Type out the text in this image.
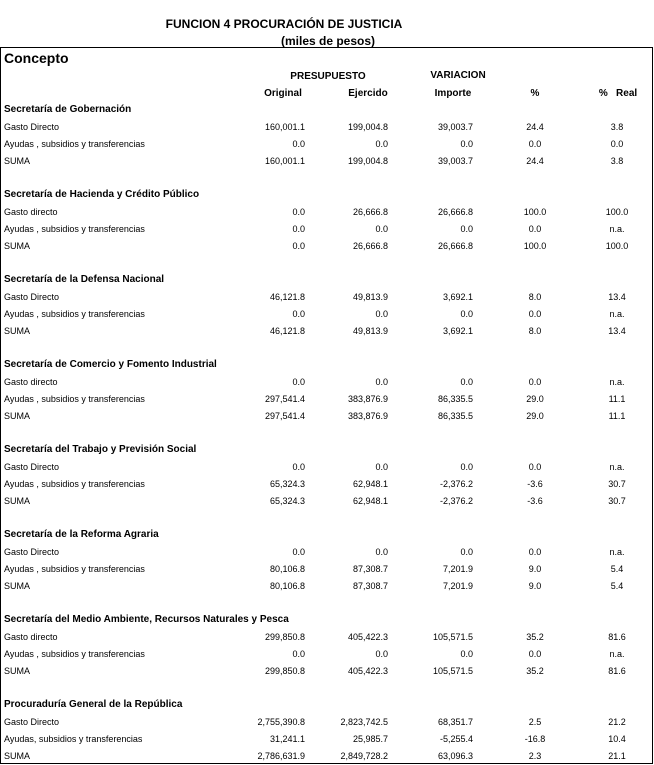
FUNCION 4 PROCURACIÓN DE JUSTICIA
(miles de pesos)
Concepto
PRESUPUESTO	VARIACION
Original	Ejercido	Importe	%	%   Real
Secretaría de Gobernación
Gasto Directo	160,001.1	199,004.8	39,003.7	24.4	3.8
Ayudas , subsidios y transferencias	0.0	0.0	0.0	0.0	0.0
SUMA	160,001.1	199,004.8	39,003.7	24.4	3.8
Secretaría de Hacienda y Crédito Público
Gasto directo	0.0	26,666.8	26,666.8	100.0	100.0
Ayudas , subsidios y transferencias	0.0	0.0	0.0	0.0	n.a.
SUMA	0.0	26,666.8	26,666.8	100.0	100.0
Secretaría de la Defensa Nacional
Gasto Directo	46,121.8	49,813.9	3,692.1	8.0	13.4
Ayudas , subsidios y transferencias	0.0	0.0	0.0	0.0	n.a.
SUMA	46,121.8	49,813.9	3,692.1	8.0	13.4
Secretaría de Comercio y Fomento Industrial
Gasto directo	0.0	0.0	0.0	0.0	n.a.
Ayudas , subsidios y transferencias	297,541.4	383,876.9	86,335.5	29.0	11.1
SUMA	297,541.4	383,876.9	86,335.5	29.0	11.1
Secretaría del Trabajo y Previsión Social
Gasto Directo	0.0	0.0	0.0	0.0	n.a.
Ayudas , subsidios y transferencias	65,324.3	62,948.1	-2,376.2	-3.6	30.7
SUMA	65,324.3	62,948.1	-2,376.2	-3.6	30.7
Secretaría de la Reforma Agraria
Gasto Directo	0.0	0.0	0.0	0.0	n.a.
Ayudas , subsidios y transferencias	80,106.8	87,308.7	7,201.9	9.0	5.4
SUMA	80,106.8	87,308.7	7,201.9	9.0	5.4
Secretaría del Medio Ambiente, Recursos Naturales y Pesca
Gasto directo	299,850.8	405,422.3	105,571.5	35.2	81.6
Ayudas , subsidios y transferencias	0.0	0.0	0.0	0.0	n.a.
SUMA	299,850.8	405,422.3	105,571.5	35.2	81.6
Procuraduría General de la República
Gasto Directo	2,755,390.8	2,823,742.5	68,351.7	2.5	21.2
Ayudas, subsidios y transferencias	31,241.1	25,985.7	-5,255.4	-16.8	10.4
SUMA	2,786,631.9	2,849,728.2	63,096.3	2.3	21.1
